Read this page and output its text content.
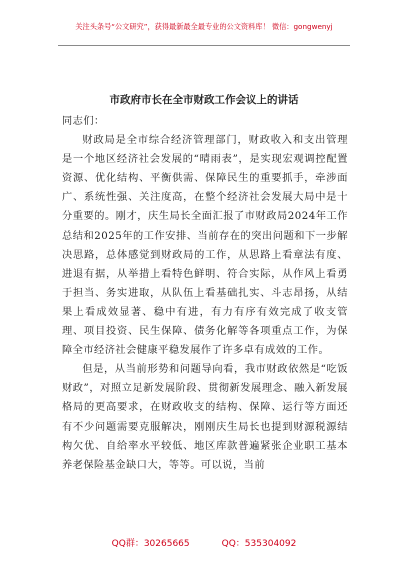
关注头条号“公文研究”，获得最新最全最专业的公文资料库！ 微信：gongwenyj
市政府市长在全市财政工作会议上的讲话

同志们：

财政局是全市综合经济管理部门，财政收入和支出管理是一个地区经济社会发展的“晴雨表”，是实现宏观调控配置资源、优化结构、平衡供需、保障民生的重要抓手，牵涉面广、系统性强、关注度高，在整个经济社会发展大局中是十分重要的。刚才，庆生局长全面汇报了市财政局2024年工作总结和2025年的工作安排、当前存在的突出问题和下一步解决思路，总体感觉到财政局的工作，从思路上看章法有度、进退有据，从举措上看特色鲜明、符合实际，从作风上看勇于担当、务实进取，从队伍上看基础扎实、斗志昂扬，从结果上看成效显著、稳中有进，有力有序有效完成了收支管理、项目投资、民生保障、债务化解等各项重点工作，为保障全市经济社会健康平稳发展作了许多卓有成效的工作。

但是，从当前形势和问题导向看，我市财政依然是“吃饭财政”，对照立足新发展阶段、贯彻新发展理念、融入新发展格局的更高要求，在财政收支的结构、保障、运行等方面还有不少问题需要克服解决，刚刚庆生局长也提到财源税源结构欠优、自给率水平较低、地区库款普遍紧张企业职工基本养老保险基金缺口大，等等。可以说，当前

QQ群：30265665	QQ：535304092
